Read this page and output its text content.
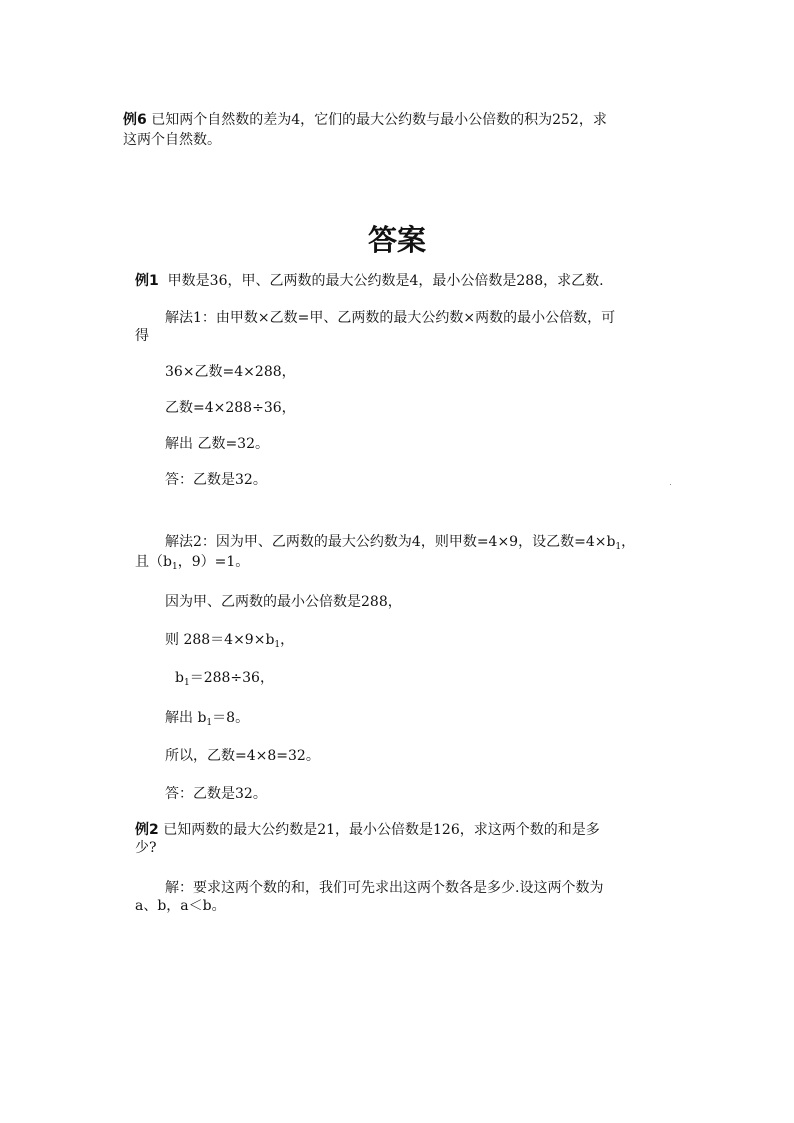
例6 已知两个自然数的差为4，它们的最大公约数与最小公倍数的积为252，求
这两个自然数。
答案
例1 甲数是36，甲、乙两数的最大公约数是4，最小公倍数是288，求乙数.
解法1：由甲数×乙数=甲、乙两数的最大公约数×两数的最小公倍数，可
得
36×乙数=4×288，
乙数=4×288÷36，
解出 乙数=32。
答：乙数是32。
解法2：因为甲、乙两数的最大公约数为4，则甲数=4×9，设乙数$=4\times b_1$，
且（$b_1$，9）=1。
因为甲、乙两数的最小公倍数是288，
则 $288=4\times 9\times b_1$，
$b_1=288\div 36$，
解出 $b_1=8$。
所以，乙数=4×8=32。
答：乙数是32。
例2 已知两数的最大公约数是21，最小公倍数是126，求这两个数的和是多
少?
解：要求这两个数的和，我们可先求出这两个数各是多少.设这两个数为
a、b，a＜b。
